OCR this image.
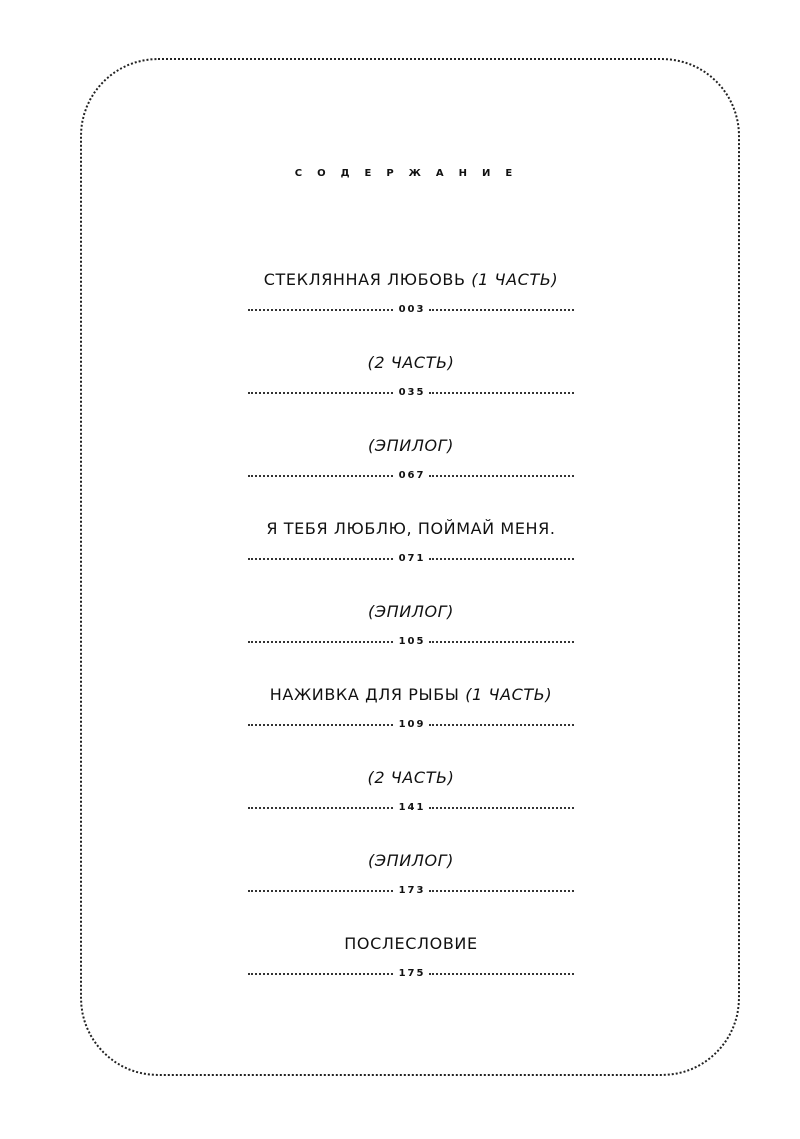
СОДЕРЖАНИЕ
СТЕКЛЯННАЯ ЛЮБОВЬ (1 ЧАСТЬ)
003
(2 ЧАСТЬ)
035
(ЭПИЛОГ)
067
Я ТЕБЯ ЛЮБЛЮ, ПОЙМАЙ МЕНЯ.
071
(ЭПИЛОГ)
105
НАЖИВКА ДЛЯ РЫБЫ (1 ЧАСТЬ)
109
(2 ЧАСТЬ)
141
(ЭПИЛОГ)
173
ПОСЛЕСЛОВИЕ
175
